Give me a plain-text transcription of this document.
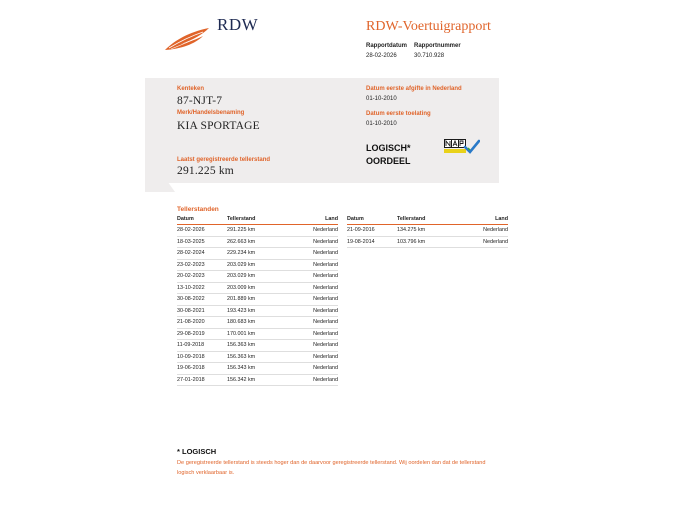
RDW	RDW-Voertuigrapport
Rapportdatum Rapportnummer
28-02-2026	30.710.928
Kenteken
87-NJT-7
Merk/Handelsbenaming
KIA SPORTAGE
Laatst geregistreerde tellerstand
291.225 km
Datum eerste afgifte in Nederland
01-10-2010
Datum eerste toelating
01-10-2010
LOGISCH*
OORDEEL
Tellerstanden
Datum	Tellerstand	Land
28-02-2026	291.225 km	Nederland
18-03-2025	262.663 km	Nederland
28-02-2024	229.234 km	Nederland
23-02-2023	203.029 km	Nederland
20-02-2023	203.029 km	Nederland
13-10-2022	203.009 km	Nederland
30-08-2022	201.889 km	Nederland
30-08-2021	193.423 km	Nederland
21-08-2020	180.683 km	Nederland
29-08-2019	170.001 km	Nederland
11-09-2018	156.363 km	Nederland
10-09-2018	156.363 km	Nederland
19-06-2018	156.343 km	Nederland
27-01-2018	156.342 km	Nederland
Datum	Tellerstand	Land
21-09-2016	134.275 km	Nederland
19-08-2014	103.796 km	Nederland
* LOGISCH
De geregistreerde tellerstand is steeds hoger dan de daarvoor geregistreerde tellerstand. Wij oordelen dan dat de tellerstand logisch verklaarbaar is.
